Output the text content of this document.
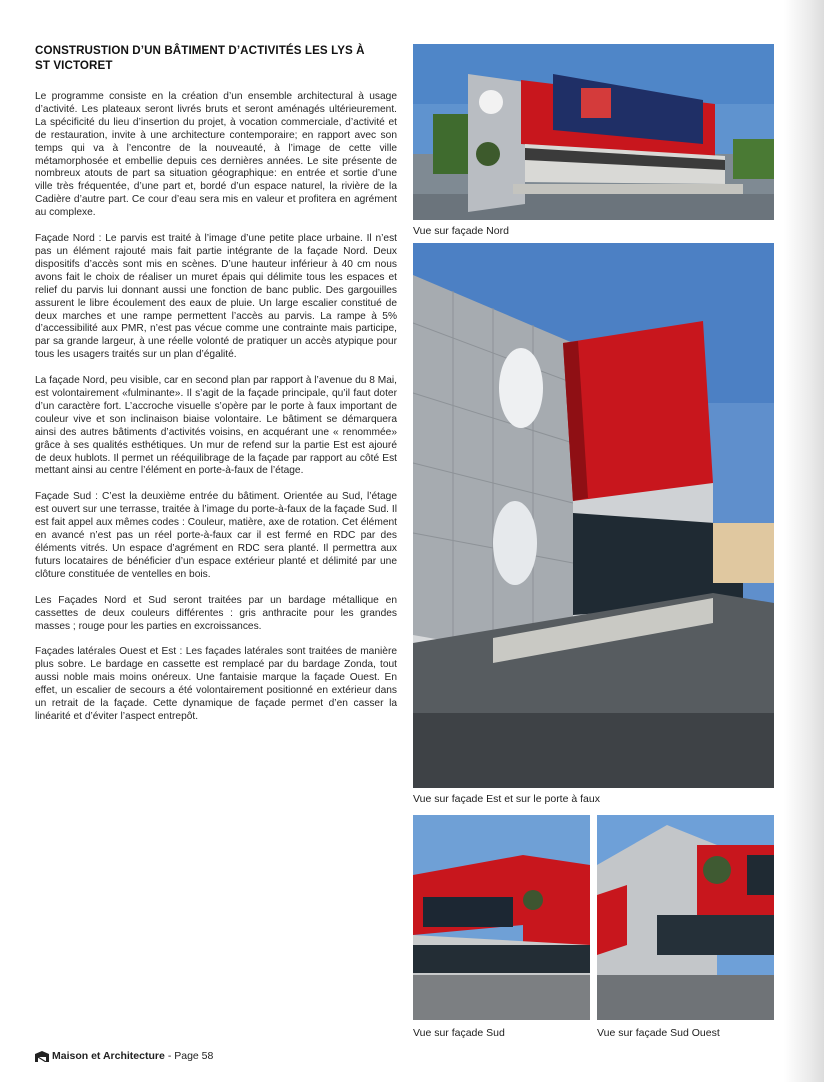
CONSTRUSTION D’UN BÂTIMENT D’ACTIVITÉS LES LYS À ST VICTORET

Le programme consiste en la création d’un ensemble architectural à usage d’activité. Les plateaux seront livrés bruts et seront aménagés ultérieurement. La spécificité du lieu d’insertion du projet, à vocation commerciale, d’activité et de restauration, invite à une architecture contemporaire; en rapport avec son temps qui va à l’encontre de la nouveauté, à l’image de cette ville métamorphosée et embellie depuis ces dernières années. Le site présente de nombreux atouts de part sa situation géographique: en entrée et sortie d’une ville très fréquentée, d’une part et, bordé d’un espace naturel, la rivière de la Cadière d’autre part. Ce cour d’eau sera mis en valeur et profitera en agrément au complexe.

Façade Nord : Le parvis est traité à l’image d’une petite place urbaine. Il n’est pas un élément rajouté mais fait partie intégrante de la façade Nord. Deux dispositifs d’accès sont mis en scènes. D’une hauteur inférieur à 40 cm nous avons fait le choix de réaliser un muret épais qui délimite tous les espaces et relief du parvis lui donnant aussi une fonction de banc public. Des gargouilles assurent le libre écoulement des eaux de pluie. Un large escalier constitué de deux marches et une rampe permettent l’accès au parvis. La rampe à 5% d’accessibilité aux PMR, n’est pas vécue comme une contrainte mais participe, par sa grande largeur, à une réelle volonté de pratiquer un accès atypique pour tous les usagers traités sur un plan d’égalité.

La façade Nord, peu visible, car en second plan par rapport à l’avenue du 8 Mai, est volontairement «fulminante». Il s’agit de la façade principale, qu’il faut doter d’un caractère fort. L’accroche visuelle s’opère par le porte à faux important de couleur vive et son inclinaison biaise volontaire. Le bâtiment se démarquera ainsi des autres bâtiments d’activités voisins, en acquérant une « renommée» grâce à ses qualités esthétiques. Un mur de refend sur la partie Est est ajouré de deux hublots. Il permet un rééquilibrage de la façade par rapport au côté Est mettant ainsi au centre l’élément en porte-à-faux de l’étage.

Façade Sud : C’est la deuxième entrée du bâtiment. Orientée au Sud, l’étage est ouvert sur une terrasse, traitée à l’image du porte-à-faux de la façade Sud. Il est fait appel aux mêmes codes : Couleur, matière, axe de rotation. Cet élément en avancé n’est pas un réel porte-à-faux car il est fermé en RDC par des éléments vitrés. Un espace d’agrément en RDC sera planté. Il permettra aux futurs locataires de bénéficier d’un espace extérieur planté et délimité par une clôture constituée de ventelles en bois.

Les Façades Nord et Sud seront traitées par un bardage métallique en cassettes de deux couleurs différentes : gris anthracite pour les grandes masses ; rouge pour les parties en excroissances.

Façades latérales Ouest et Est : Les façades latérales sont traitées de manière plus sobre. Le bardage en cassette est remplacé par du bardage Zonda, tout aussi noble mais moins onéreux. Une fantaisie marque la façade Ouest. En effet, un escalier de secours a été volontairement positionné en extérieur dans un retrait de la façade. Cette dynamique de façade permet d’en casser la linéarité et d’éviter l’aspect entrepôt.

Vue sur façade Nord
Vue sur façade Est et sur le porte à faux
Vue sur façade Sud	Vue sur façade Sud Ouest
Maison et Architecture - Page 58
